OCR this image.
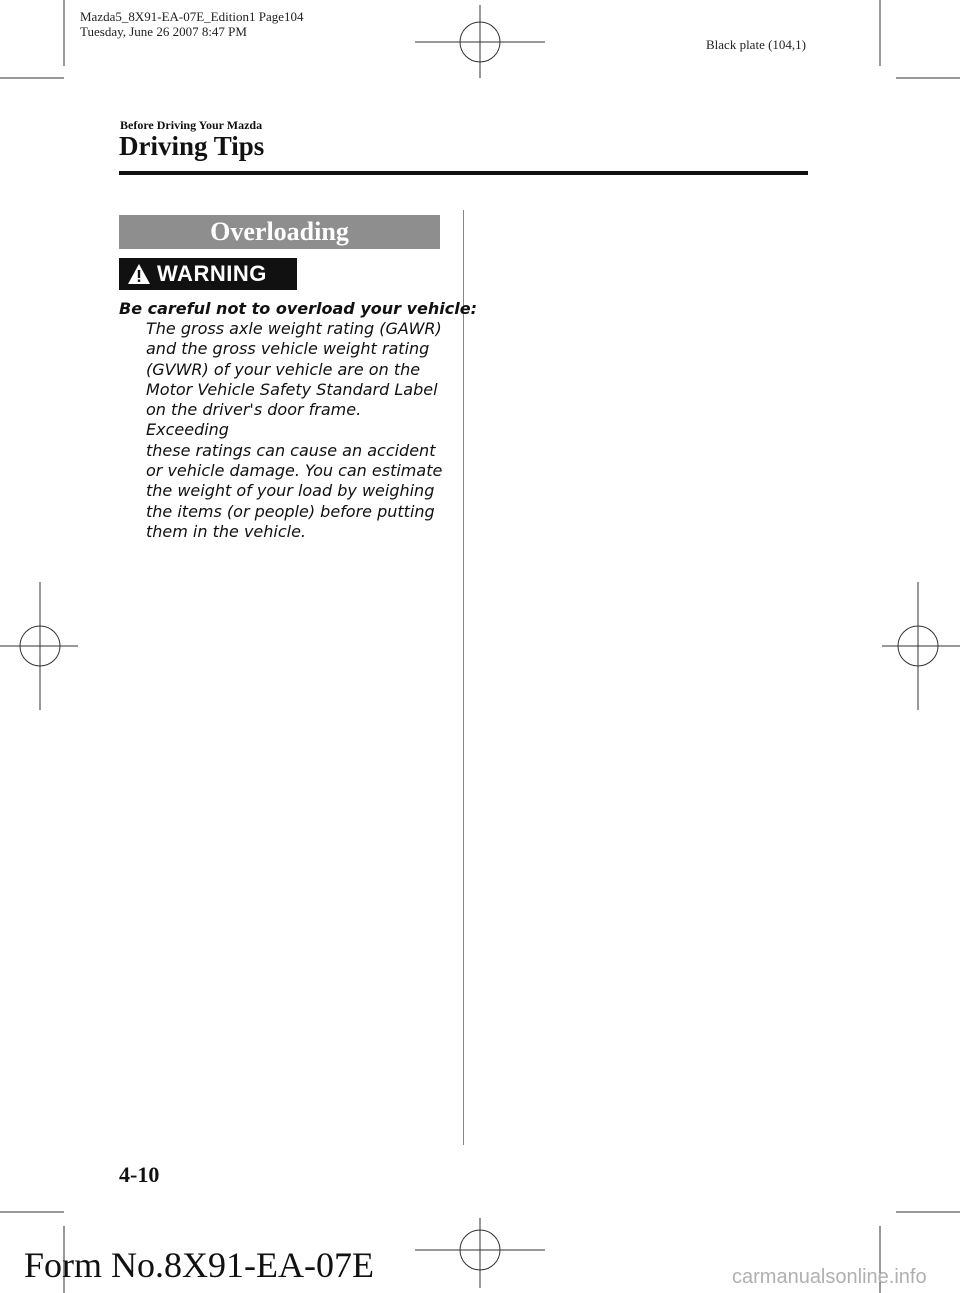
Mazda5_8X91-EA-07E_Edition1 Page104
Tuesday, June 26 2007 8:47 PM
Black plate (104,1)
Before Driving Your Mazda
Driving Tips
Overloading
WARNING
Be careful not to overload your vehicle:
The gross axle weight rating (GAWR)
and the gross vehicle weight rating
(GVWR) of your vehicle are on the
Motor Vehicle Safety Standard Label
on the driver's door frame. Exceeding
these ratings can cause an accident
or vehicle damage. You can estimate
the weight of your load by weighing
the items (or people) before putting
them in the vehicle.
4-10
Form No.8X91-EA-07E	carmanualsonline.info
